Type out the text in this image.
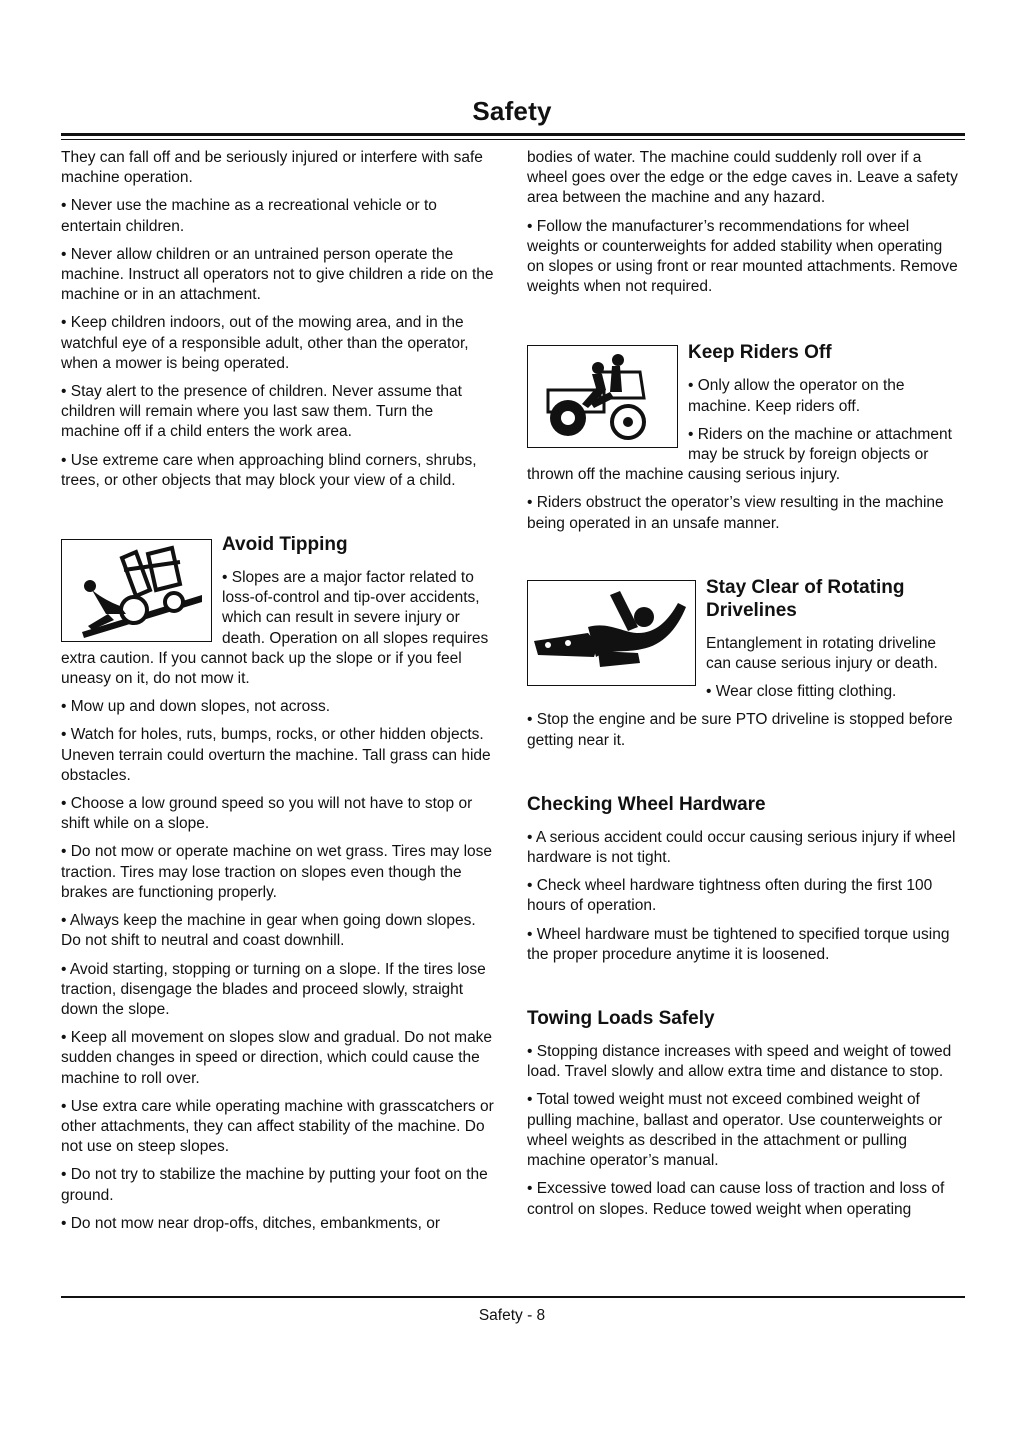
Safety

They can fall off and be seriously injured or interfere with safe machine operation.

• Never use the machine as a recreational vehicle or to entertain children.

• Never allow children or an untrained person operate the machine. Instruct all operators not to give children a ride on the machine or in an attachment.

• Keep children indoors, out of the mowing area, and in the watchful eye of a responsible adult, other than the operator, when a mower is being operated.

• Stay alert to the presence of children. Never assume that children will remain where you last saw them. Turn the machine off if a child enters the work area.

• Use extreme care when approaching blind corners, shrubs, trees, or other objects that may block your view of a child.

Avoid Tipping

• Slopes are a major factor related to loss-of-control and tip-over accidents, which can result in severe injury or death. Operation on all slopes requires extra caution. If you cannot back up the slope or if you feel uneasy on it, do not mow it.

• Mow up and down slopes, not across.

• Watch for holes, ruts, bumps, rocks, or other hidden objects. Uneven terrain could overturn the machine. Tall grass can hide obstacles.

• Choose a low ground speed so you will not have to stop or shift while on a slope.

• Do not mow or operate machine on wet grass. Tires may lose traction. Tires may lose traction on slopes even though the brakes are functioning properly.

• Always keep the machine in gear when going down slopes. Do not shift to neutral and coast downhill.

• Avoid starting, stopping or turning on a slope. If the tires lose traction, disengage the blades and proceed slowly, straight down the slope.

• Keep all movement on slopes slow and gradual. Do not make sudden changes in speed or direction, which could cause the machine to roll over.

• Use extra care while operating machine with grasscatchers or other attachments, they can affect stability of the machine. Do not use on steep slopes.

• Do not try to stabilize the machine by putting your foot on the ground.

• Do not mow near drop-offs, ditches, embankments, or

bodies of water. The machine could suddenly roll over if a wheel goes over the edge or the edge caves in. Leave a safety area between the machine and any hazard.

• Follow the manufacturer’s recommendations for wheel weights or counterweights for added stability when operating on slopes or using front or rear mounted attachments. Remove weights when not required.

Keep Riders Off

• Only allow the operator on the machine. Keep riders off.

• Riders on the machine or attachment may be struck by foreign objects or thrown off the machine causing serious injury.

• Riders obstruct the operator’s view resulting in the machine being operated in an unsafe manner.

Stay Clear of Rotating Drivelines

Entanglement in rotating driveline can cause serious injury or death.

• Wear close fitting clothing.

• Stop the engine and be sure PTO driveline is stopped before getting near it.

Checking Wheel Hardware

• A serious accident could occur causing serious injury if wheel hardware is not tight.

• Check wheel hardware tightness often during the first 100 hours of operation.

• Wheel hardware must be tightened to specified torque using the proper procedure anytime it is loosened.

Towing Loads Safely

• Stopping distance increases with speed and weight of towed load. Travel slowly and allow extra time and distance to stop.

• Total towed weight must not exceed combined weight of pulling machine, ballast and operator. Use counterweights or wheel weights as described in the attachment or pulling machine operator’s manual.

• Excessive towed load can cause loss of traction and loss of control on slopes. Reduce towed weight when operating

Safety - 8
